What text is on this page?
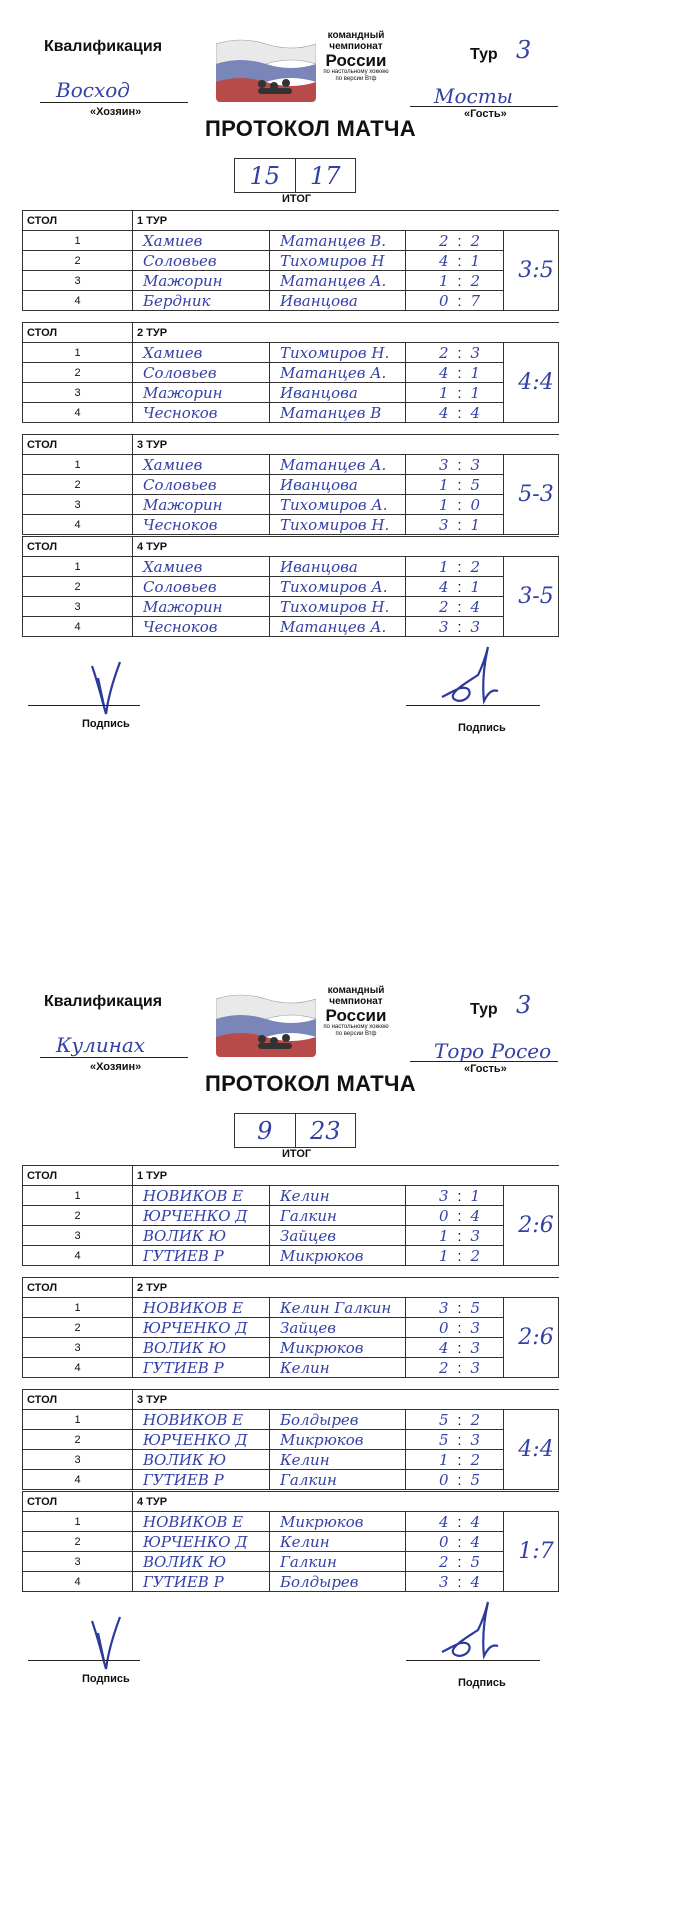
Квалификация
командный
чемпионат
России
по настольному хоккею
по версии Втф
Тур 3
Восход
«Хозяин»
Мосты
«Гость»
ПРОТОКОЛ МАТЧА
15	17
ИТОГ
СТОЛ	1 ТУР			
1	Хамиев	Матанцев В.	2 : 2	3:5
2	Соловьев	Тихомиров Н	4 : 1	
3	Мажорин	Матанцев А.	1 : 2	
4	Бердник	Иванцова	0 : 7	
СТОЛ	2 ТУР			
1	Хамиев	Тихомиров Н.	2 : 3	4:4
2	Соловьев	Матанцев А.	4 : 1	
3	Мажорин	Иванцова	1 : 1	
4	Чесноков	Матанцев В	4 : 4	
СТОЛ	3 ТУР			
1	Хамиев	Матанцев А.	3 : 3	5-3
2	Соловьев	Иванцова	1 : 5	
3	Мажорин	Тихомиров А.	1 : 0	
4	Чесноков	Тихомиров Н.	3 : 1	
СТОЛ	4 ТУР			
1	Хамиев	Иванцова	1 : 2	3-5
2	Соловьев	Тихомиров А.	4 : 1	
3	Мажорин	Тихомиров Н.	2 : 4	
4	Чесноков	Матанцев А.	3 : 3	
Подпись	Подпись
Квалификация
командный
чемпионат
России
по настольному хоккею
по версии Втф
Тур 3
Кулинах
«Хозяин»
Торо Росео
«Гость»
ПРОТОКОЛ МАТЧА
9	23
ИТОГ
СТОЛ	1 ТУР			
1	НОВИКОВ Е	Келин	3 : 1	2:6
2	ЮРЧЕНКО Д	Галкин	0 : 4	
3	ВОЛИК Ю	Зайцев	1 : 3	
4	ГУТИЕВ Р	Микрюков	1 : 2	
СТОЛ	2 ТУР			
1	НОВИКОВ Е	Келин Галкин	3 : 5	2:6
2	ЮРЧЕНКО Д	Зайцев	0 : 3	
3	ВОЛИК Ю	Микрюков	4 : 3	
4	ГУТИЕВ Р	Келин	2 : 3	
СТОЛ	3 ТУР			
1	НОВИКОВ Е	Болдырев	5 : 2	4:4
2	ЮРЧЕНКО Д	Микрюков	5 : 3	
3	ВОЛИК Ю	Келин	1 : 2	
4	ГУТИЕВ Р	Галкин	0 : 5	
СТОЛ	4 ТУР			
1	НОВИКОВ Е	Микрюков	4 : 4	1:7
2	ЮРЧЕНКО Д	Келин	0 : 4	
3	ВОЛИК Ю	Галкин	2 : 5	
4	ГУТИЕВ Р	Болдырев	3 : 4	
Подпись	Подпись
